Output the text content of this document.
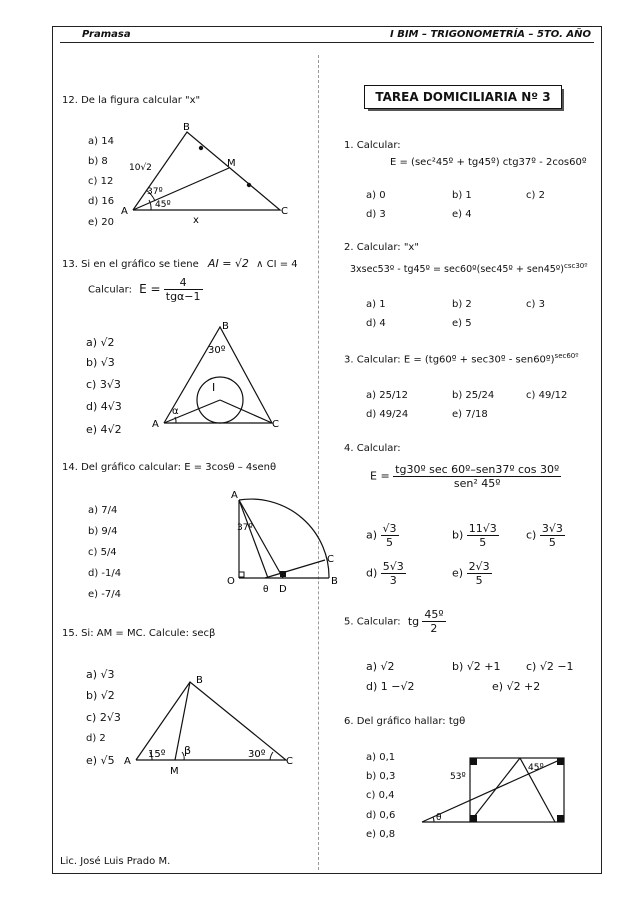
Pramasa	I BIM – TRIGONOMETRÍA – 5TO. AÑO
12. De la figura calcular "x"
a) 14
b) 8
c) 12
d) 16
e) 20
B
M
A	C
x
10√2
37º
45º
13. Si en el gráfico se tiene AI = √2 ∧ CI = 4
Calcular: $E = \frac{4}{\text{tgα−1}}$
a) √2
b) √3
c) 3√3
d) 4√3
e) 4√2
B
A	C
I
α
30º
14. Del gráfico calcular: E = 3cosθ – 4senθ
a) 7/4
b) 9/4
c) 5/4
d) -1/4
e) -7/4
A
O
D
B
C
θ
37º
15. Si: AM = MC. Calcule: secβ
a) √3
b) √2
c) 2√3
d) 2
e) √5
B
A
M
C
15º β	30º
TAREA DOMICILIARIA Nº 3
1. Calcular:
E = (sec²45º + tg45º) ctg37º - 2cos60º
a) 0	b) 1	c) 2
d) 3	e) 4
2. Calcular: "x"
3xsec53º - tg45º = sec60º(sec45º + sen45º)$^{csc30º}$
a) 1	b) 2	c) 3
d) 4	e) 5
3. Calcular: E = (tg60º + sec30º - sen60º)$^{sec60º}$
a) 25/12	b) 25/24	c) 49/12
d) 49/24	e) 7/18
4. Calcular:
$E = \frac{\text{tg30º sec 60º–sen37º cos 30º}}{\text{sen² 45º}}$
$a) \frac{√3}{5}$	$b) \frac{11√3}{5} c) \frac{3√3}{5}$
$d) \frac{5√3}{3}$	$e) \frac{2√3}{5}$
5. Calcular: tg $\frac{\text{45º}}{2}$
a) √2	b) √2 +1 c) √2 −1
d) 1 −√2	e) √2 +2
6. Del gráfico hallar: tgθ
a) 0,1
b) 0,3
c) 0,4
d) 0,6
e) 0,8
53º
45º
θ
Lic. José Luis Prado M.
